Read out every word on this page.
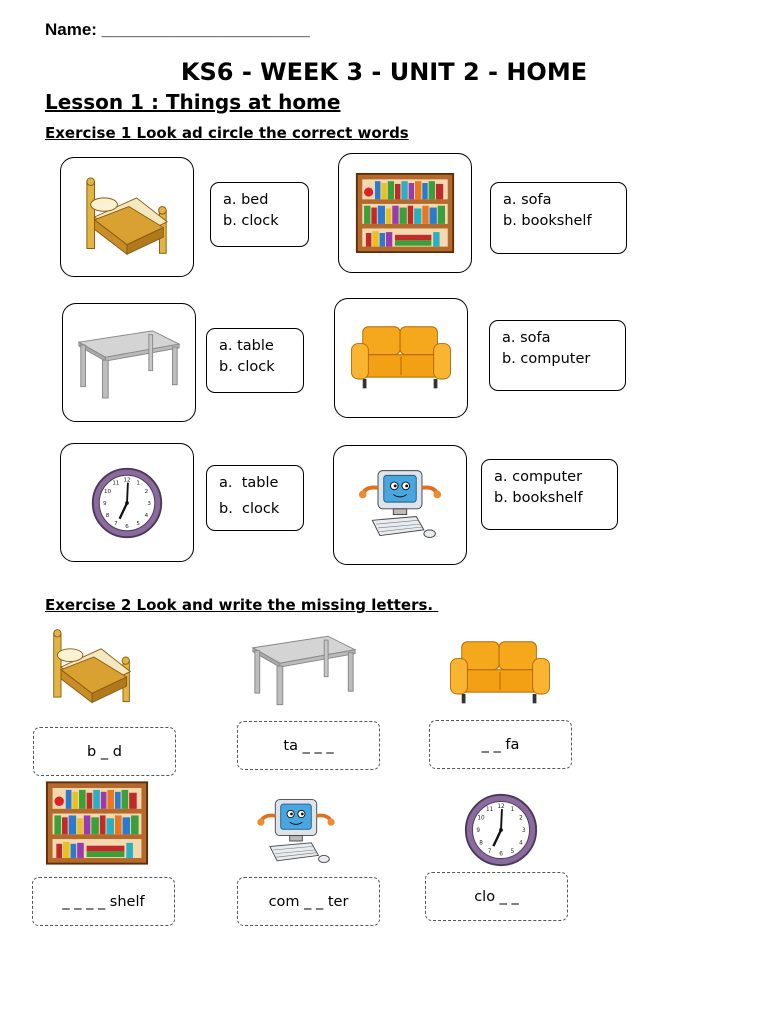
Name: ______________________
KS6 - WEEK 3 - UNIT 2 - HOME
Lesson 1 : Things at home
Exercise 1 Look ad circle the correct words
a. bed
b. clock
a. sofa
b. bookshelf
a. table
b. clock
a. sofa
b. computer
a.  table
b.  clock
a. computer
b. bookshelf
Exercise 2 Look and write the missing letters.
b _ d	ta _ _ _	_ _ fa
_ _ _ _ shelf	com _ _ ter	clo _ _
